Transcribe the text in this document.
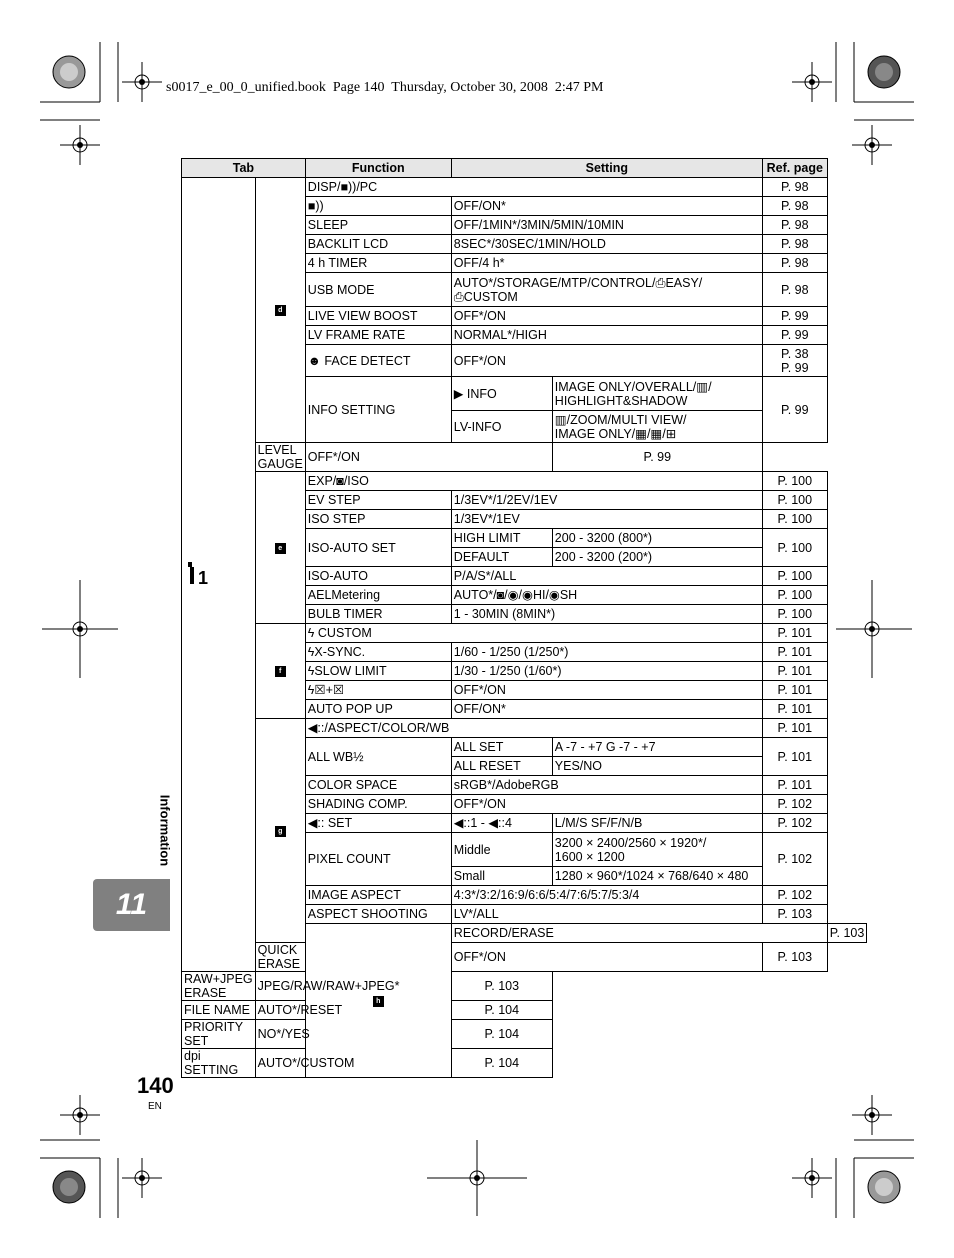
s0017_e_00_0_unified.book  Page 140  Thursday, October 30, 2008  2:47 PM
Tab		Function	Setting		Ref. page	

1	d	DISP/■))/PC			P. 98	
		■))	OFF/ON*		P. 98	
		SLEEP	OFF/1MIN*/3MIN/5MIN/10MIN		P. 98	
		BACKLIT LCD	8SEC*/30SEC/1MIN/HOLD		P. 98	
		4 h TIMER	OFF/4 h*		P. 98	
		USB MODE	AUTO*/STORAGE/MTP/CONTROL/⎙EASY/
⎙CUSTOM		P. 98	
		LIVE VIEW BOOST	OFF*/ON		P. 99	
		LV FRAME RATE	NORMAL*/HIGH		P. 99	
		☻ FACE DETECT	OFF*/ON		P. 38
P. 99	
		INFO SETTING	▶ INFO	IMAGE ONLY/OVERALL/▥/
HIGHLIGHT&SHADOW	P. 99	
			LV-INFO	▥/ZOOM/MULTI VIEW/
IMAGE ONLY/▦/▦/⊞		
	LEVEL GAUGE	OFF*/ON		P. 99		
	e	EXP/◙/ISO			P. 100	
		EV STEP	1/3EV*/1/2EV/1EV		P. 100	
		ISO STEP	1/3EV*/1EV		P. 100	
		ISO-AUTO SET	HIGH LIMIT	200 - 3200 (800*)	P. 100	
			DEFAULT	200 - 3200 (200*)		
		ISO-AUTO	P/A/S*/ALL		P. 100	
		AELMetering	AUTO*/◙/◉/◉HI/◉SH		P. 100	
		BULB TIMER	1 - 30MIN (8MIN*)		P. 100	
	f	ϟ CUSTOM			P. 101	
		ϟX-SYNC.	1/60 - 1/250 (1/250*)		P. 101	
		ϟSLOW LIMIT	1/30 - 1/250 (1/60*)		P. 101	
		ϟ☒+☒	OFF*/ON		P. 101	
		AUTO POP UP	OFF/ON*		P. 101	
	g	◀::/ASPECT/COLOR/WB			P. 101	
		ALL WB½	ALL SET	A -7 - +7 G -7 - +7	P. 101	
			ALL RESET	YES/NO		
		COLOR SPACE	sRGB*/AdobeRGB		P. 101	
		SHADING COMP.	OFF*/ON		P. 102	
		◀:: SET	◀::1 - ◀::4	L/M/S SF/F/N/B	P. 102	
		PIXEL COUNT	Middle	3200 × 2400/2560 × 1920*/
1600 × 1200	P. 102	
			Small	1280 × 960*/1024 × 768/640 × 480		
		IMAGE ASPECT	4:3*/3:2/16:9/6:6/5:4/7:6/5:7/5:3/4		P. 102	
		ASPECT SHOOTING	LV*/ALL		P. 103	
		h	RECORD/ERASE			P. 103
	QUICK ERASE		OFF*/ON		P. 103	
RAW+JPEG ERASE	JPEG/RAW/RAW+JPEG*		P. 103			
FILE NAME	AUTO*/RESET		P. 104			
PRIORITY SET	NO*/YES		P. 104			
dpi SETTING	AUTO*/CUSTOM		P. 104			
Information
11
140
EN
